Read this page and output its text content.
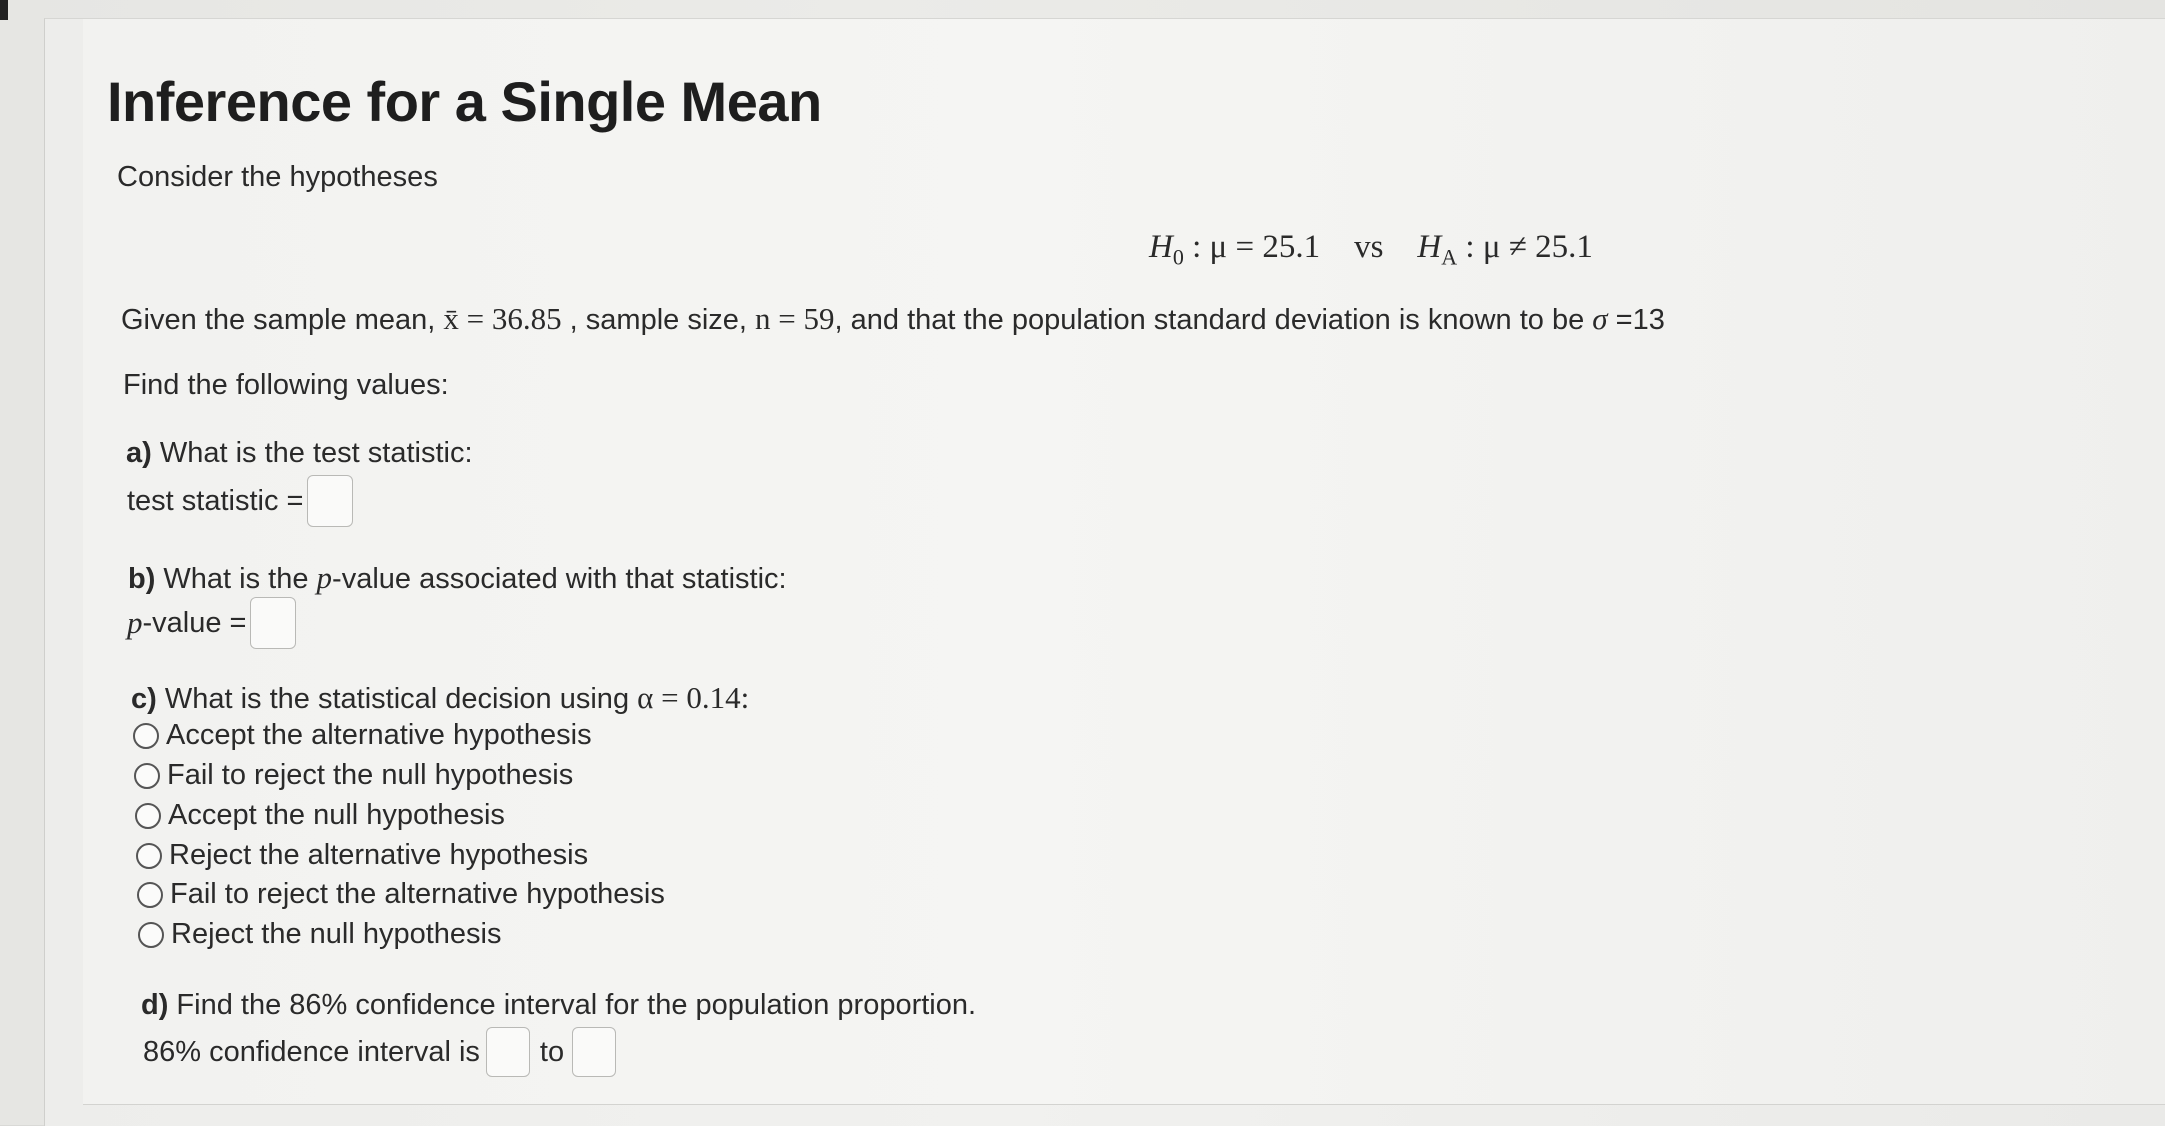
Inference for a Single Mean
Consider the hypotheses
$H_0$ : μ = 25.1 vs $H_A$ : μ ≠ 25.1
Given the sample mean, x̄ = 36.85 , sample size, n = 59, and that the population standard deviation is known to be σ =13
Find the following values:
a) What is the test statistic:
test statistic =
b) What is the p-value associated with that statistic:
p -value =
c) What is the statistical decision using α = 0.14:
Accept the alternative hypothesis
Fail to reject the null hypothesis
Accept the null hypothesis
Reject the alternative hypothesis
Fail to reject the alternative hypothesis
Reject the null hypothesis
d) Find the 86% confidence interval for the population proportion.
86% confidence interval is to
